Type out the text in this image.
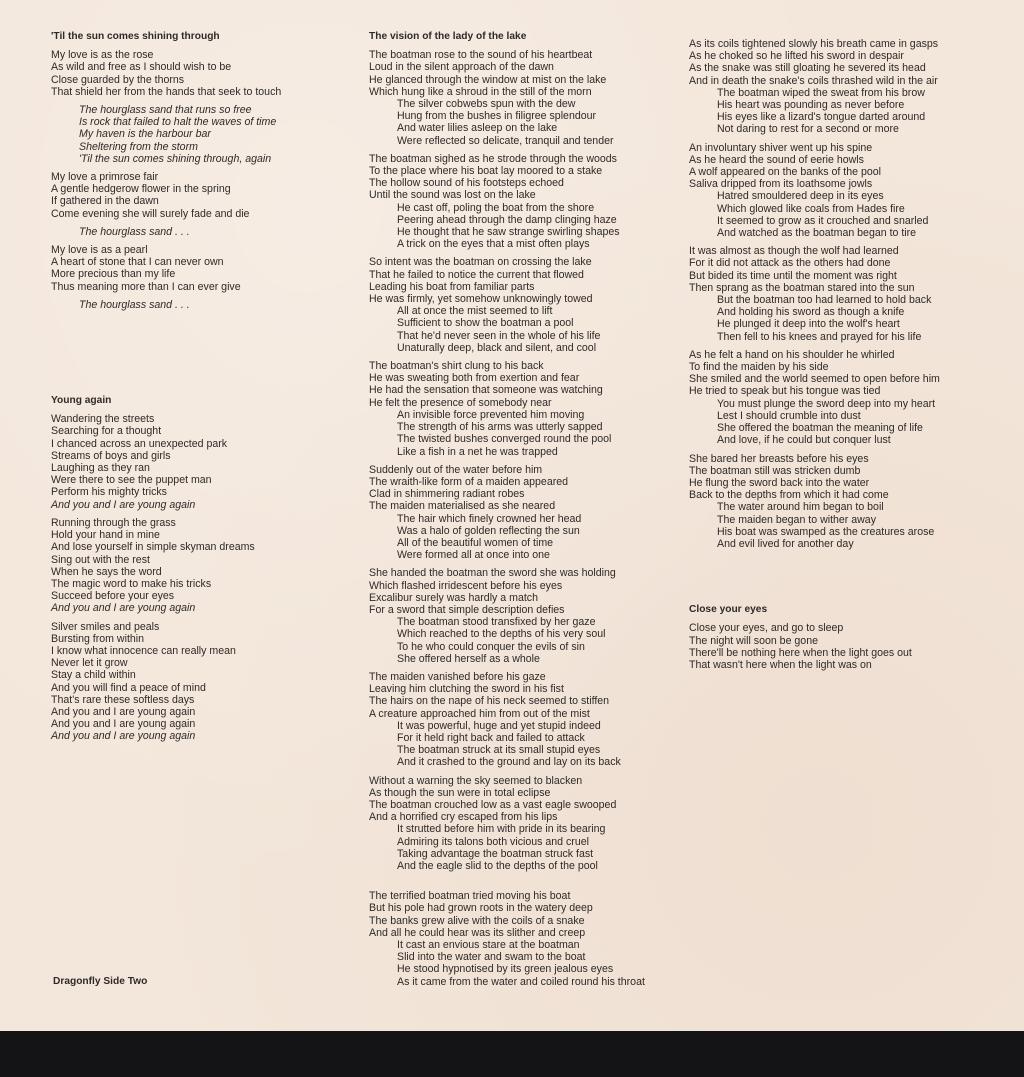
'Til the sun comes shining through
My love is as the rose
As wild and free as I should wish to be
Close guarded by the thorns
That shield her from the hands that seek to touch
The hourglass sand that runs so free
Is rock that failed to halt the waves of time
My haven is the harbour bar
Sheltering from the storm
'Til the sun comes shining through, again
My love a primrose fair
A gentle hedgerow flower in the spring
If gathered in the dawn
Come evening she will surely fade and die
The hourglass sand . . .
My love is as a pearl
A heart of stone that I can never own
More precious than my life
Thus meaning more than I can ever give
The hourglass sand . . .
Young again
Wandering the streets
Searching for a thought
I chanced across an unexpected park
Streams of boys and girls
Laughing as they ran
Were there to see the puppet man
Perform his mighty tricks
And you and I are young again
Running through the grass
Hold your hand in mine
And lose yourself in simple skyman dreams
Sing out with the rest
When he says the word
The magic word to make his tricks
Succeed before your eyes
And you and I are young again
Silver smiles and peals
Bursting from within
I know what innocence can really mean
Never let it grow
Stay a child within
And you will find a peace of mind
That's rare these softless days
And you and I are young again
And you and I are young again
And you and I are young again
The vision of the lady of the lake
The boatman rose to the sound of his heartbeat
Loud in the silent approach of the dawn
He glanced through the window at mist on the lake
Which hung like a shroud in the still of the morn
The silver cobwebs spun with the dew
Hung from the bushes in filigree splendour
And water lilies asleep on the lake
Were reflected so delicate, tranquil and tender
The boatman sighed as he strode through the woods
To the place where his boat lay moored to a stake
The hollow sound of his footsteps echoed
Until the sound was lost on the lake
He cast off, poling the boat from the shore
Peering ahead through the damp clinging haze
He thought that he saw strange swirling shapes
A trick on the eyes that a mist often plays
So intent was the boatman on crossing the lake
That he failed to notice the current that flowed
Leading his boat from familiar parts
He was firmly, yet somehow unknowingly towed
All at once the mist seemed to lift
Sufficient to show the boatman a pool
That he'd never seen in the whole of his life
Unaturally deep, black and silent, and cool
The boatman's shirt clung to his back
He was sweating both from exertion and fear
He had the sensation that someone was watching
He felt the presence of somebody near
An invisible force prevented him moving
The strength of his arms was utterly sapped
The twisted bushes converged round the pool
Like a fish in a net he was trapped
Suddenly out of the water before him
The wraith-like form of a maiden appeared
Clad in shimmering radiant robes
The maiden materialised as she neared
The hair which finely crowned her head
Was a halo of golden reflecting the sun
All of the beautiful women of time
Were formed all at once into one
She handed the boatman the sword she was holding
Which flashed irridescent before his eyes
Excalibur surely was hardly a match
For a sword that simple description defies
The boatman stood transfixed by her gaze
Which reached to the depths of his very soul
To he who could conquer the evils of sin
She offered herself as a whole
The maiden vanished before his gaze
Leaving him clutching the sword in his fist
The hairs on the nape of his neck seemed to stiffen
A creature approached him from out of the mist
It was powerful, huge and yet stupid indeed
For it held right back and failed to attack
The boatman struck at its small stupid eyes
And it crashed to the ground and lay on its back
Without a warning the sky seemed to blacken
As though the sun were in total eclipse
The boatman crouched low as a vast eagle swooped
And a horrified cry escaped from his lips
It strutted before him with pride in its bearing
Admiring its talons both vicious and cruel
Taking advantage the boatman struck fast
And the eagle slid to the depths of the pool
The terrified boatman tried moving his boat
But his pole had grown roots in the watery deep
The banks grew alive with the coils of a snake
And all he could hear was its slither and creep
It cast an envious stare at the boatman
Slid into the water and swam to the boat
He stood hypnotised by its green jealous eyes
As it came from the water and coiled round his throat
As its coils tightened slowly his breath came in gasps
As he choked so he lifted his sword in despair
As the snake was still gloating he severed its head
And in death the snake's coils thrashed wild in the air
The boatman wiped the sweat from his brow
His heart was pounding as never before
His eyes like a lizard's tongue darted around
Not daring to rest for a second or more
An involuntary shiver went up his spine
As he heard the sound of eerie howls
A wolf appeared on the banks of the pool
Saliva dripped from its loathsome jowls
Hatred smouldered deep in its eyes
Which glowed like coals from Hades fire
It seemed to grow as it crouched and snarled
And watched as the boatman began to tire
It was almost as though the wolf had learned
For it did not attack as the others had done
But bided its time until the moment was right
Then sprang as the boatman stared into the sun
But the boatman too had learned to hold back
And holding his sword as though a knife
He plunged it deep into the wolf's heart
Then fell to his knees and prayed for his life
As he felt a hand on his shoulder he whirled
To find the maiden by his side
She smiled and the world seemed to open before him
He tried to speak but his tongue was tied
You must plunge the sword deep into my heart
Lest I should crumble into dust
She offered the boatman the meaning of life
And love, if he could but conquer lust
She bared her breasts before his eyes
The boatman still was stricken dumb
He flung the sword back into the water
Back to the depths from which it had come
The water around him began to boil
The maiden began to wither away
His boat was swamped as the creatures arose
And evil lived for another day
Close your eyes
Close your eyes, and go to sleep
The night will soon be gone
There'll be nothing here when the light goes out
That wasn't here when the light was on
Dragonfly Side Two
